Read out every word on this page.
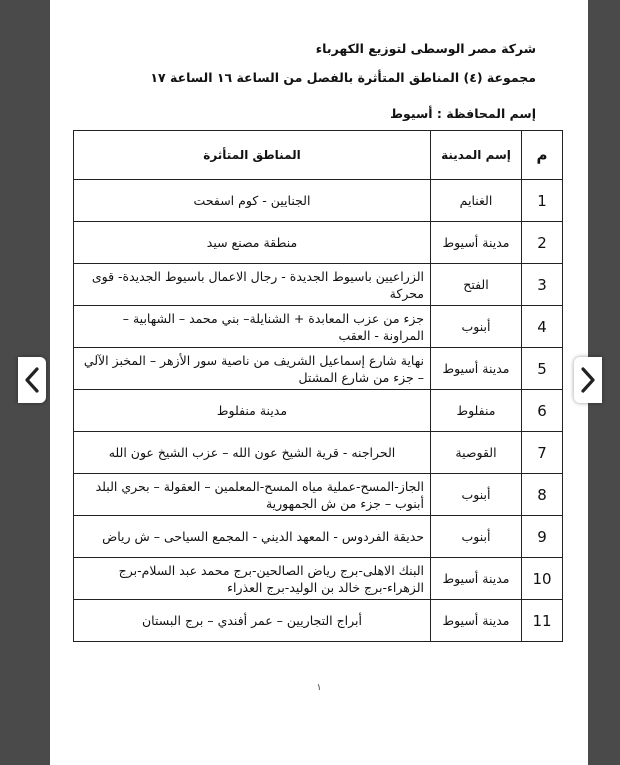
شركة مصر الوسطى لتوزيع الكهرباء
مجموعة (٤) المناطق المتأثرة بالفصل من الساعة ١٦ الساعة ١٧
إسم المحافظة : أسيوط
م	إسم المدينة	المناطق المتأثرة
1	الغنايم	الجنايين - كوم اسفحت
2	مدينة أسيوط	منطقة مصنع سيد
3	الفتح	الزراعيين باسيوط الجديدة - رجال الاعمال باسيوط الجديدة- قوى محركة
4	أبنوب	جزء من عزب المعابدة + الشنايلة– بني محمد – الشهابية – المراونة - العقب
5	مدينة أسيوط	نهاية شارع إسماعيل الشريف من ناصية سور الأزهر – المخبز الآلي – جزء من شارع المشتل
6	منفلوط	مدينة منفلوط
7	القوصية	الحراجنه - قرية الشيخ عون الله – عزب الشيخ عون الله
8	أبنوب	الجاز-المسح-عملية مياه المسح-المعلمين – العقولة – بحري البلد أبنوب – جزء من ش الجمهورية
9	أبنوب	حديقة الفردوس - المعهد الديني - المجمع السياحى – ش رياض
10	مدينة أسيوط	البنك الاهلى-برج رياض الصالحين-برج محمد عبد السلام-برج الزهراء-برج خالد بن الوليد-برج العذراء
11	مدينة أسيوط	أبراج التجاريين – عمر أفندي – برج البستان
١
